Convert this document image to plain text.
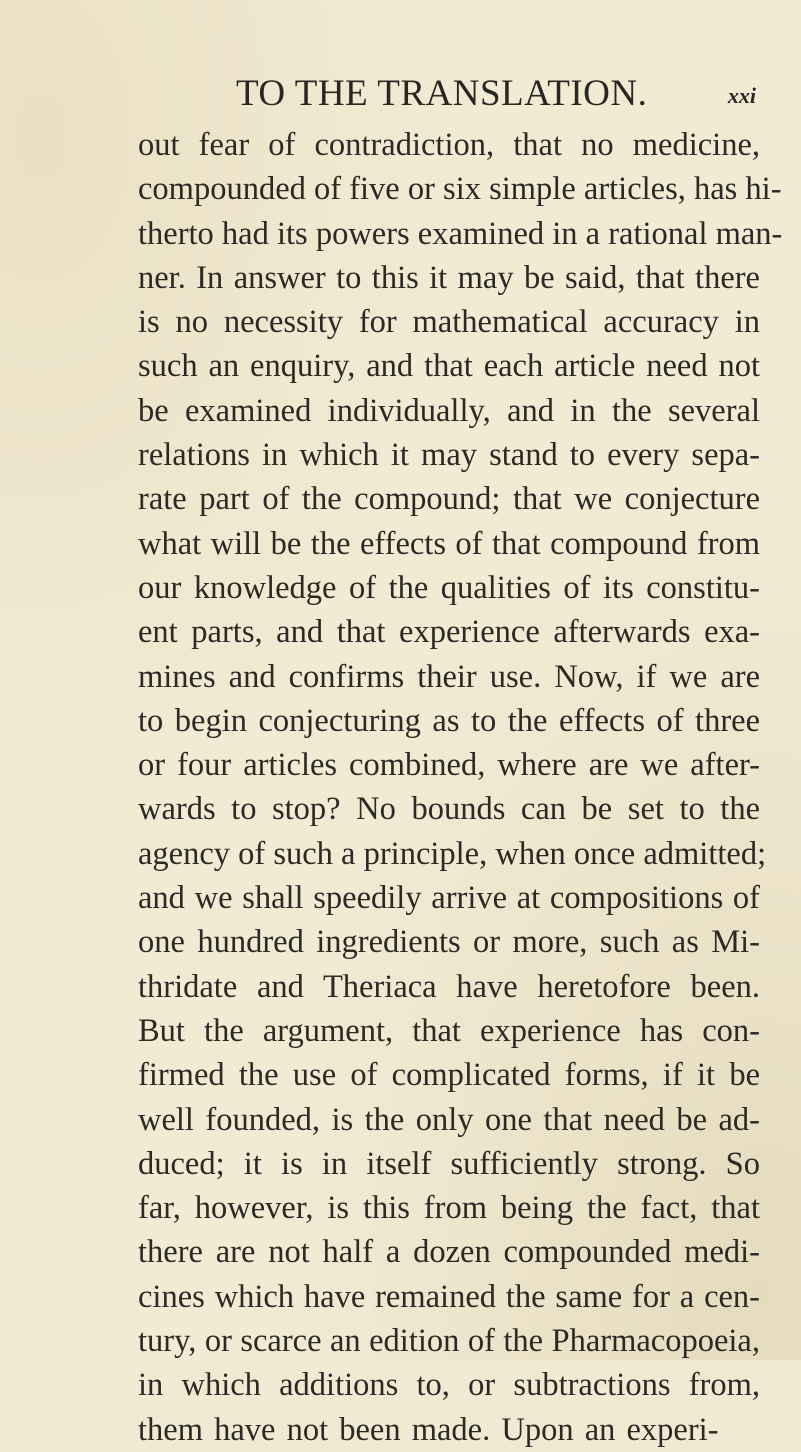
TO THE TRANSLATION.	xxi
out fear of contradiction, that no medicine,
compounded of five or six simple articles, has hi-
therto had its powers examined in a rational man-
ner. In answer to this it may be said, that there
is no necessity for mathematical accuracy in
such an enquiry, and that each article need not
be examined individually, and in the several
relations in which it may stand to every sepa-
rate part of the compound; that we conjecture
what will be the effects of that compound from
our knowledge of the qualities of its constitu-
ent parts, and that experience afterwards exa-
mines and confirms their use. Now, if we are
to begin conjecturing as to the effects of three
or four articles combined, where are we after-
wards to stop? No bounds can be set to the
agency of such a principle, when once admitted;
and we shall speedily arrive at compositions of
one hundred ingredients or more, such as Mi-
thridate and Theriaca have heretofore been.
But the argument, that experience has con-
firmed the use of complicated forms, if it be
well founded, is the only one that need be ad-
duced; it is in itself sufficiently strong. So
far, however, is this from being the fact, that
there are not half a dozen compounded medi-
cines which have remained the same for a cen-
tury, or scarce an edition of the Pharmacopoeia,
in which additions to, or subtractions from,
them have not been made. Upon an experi-
